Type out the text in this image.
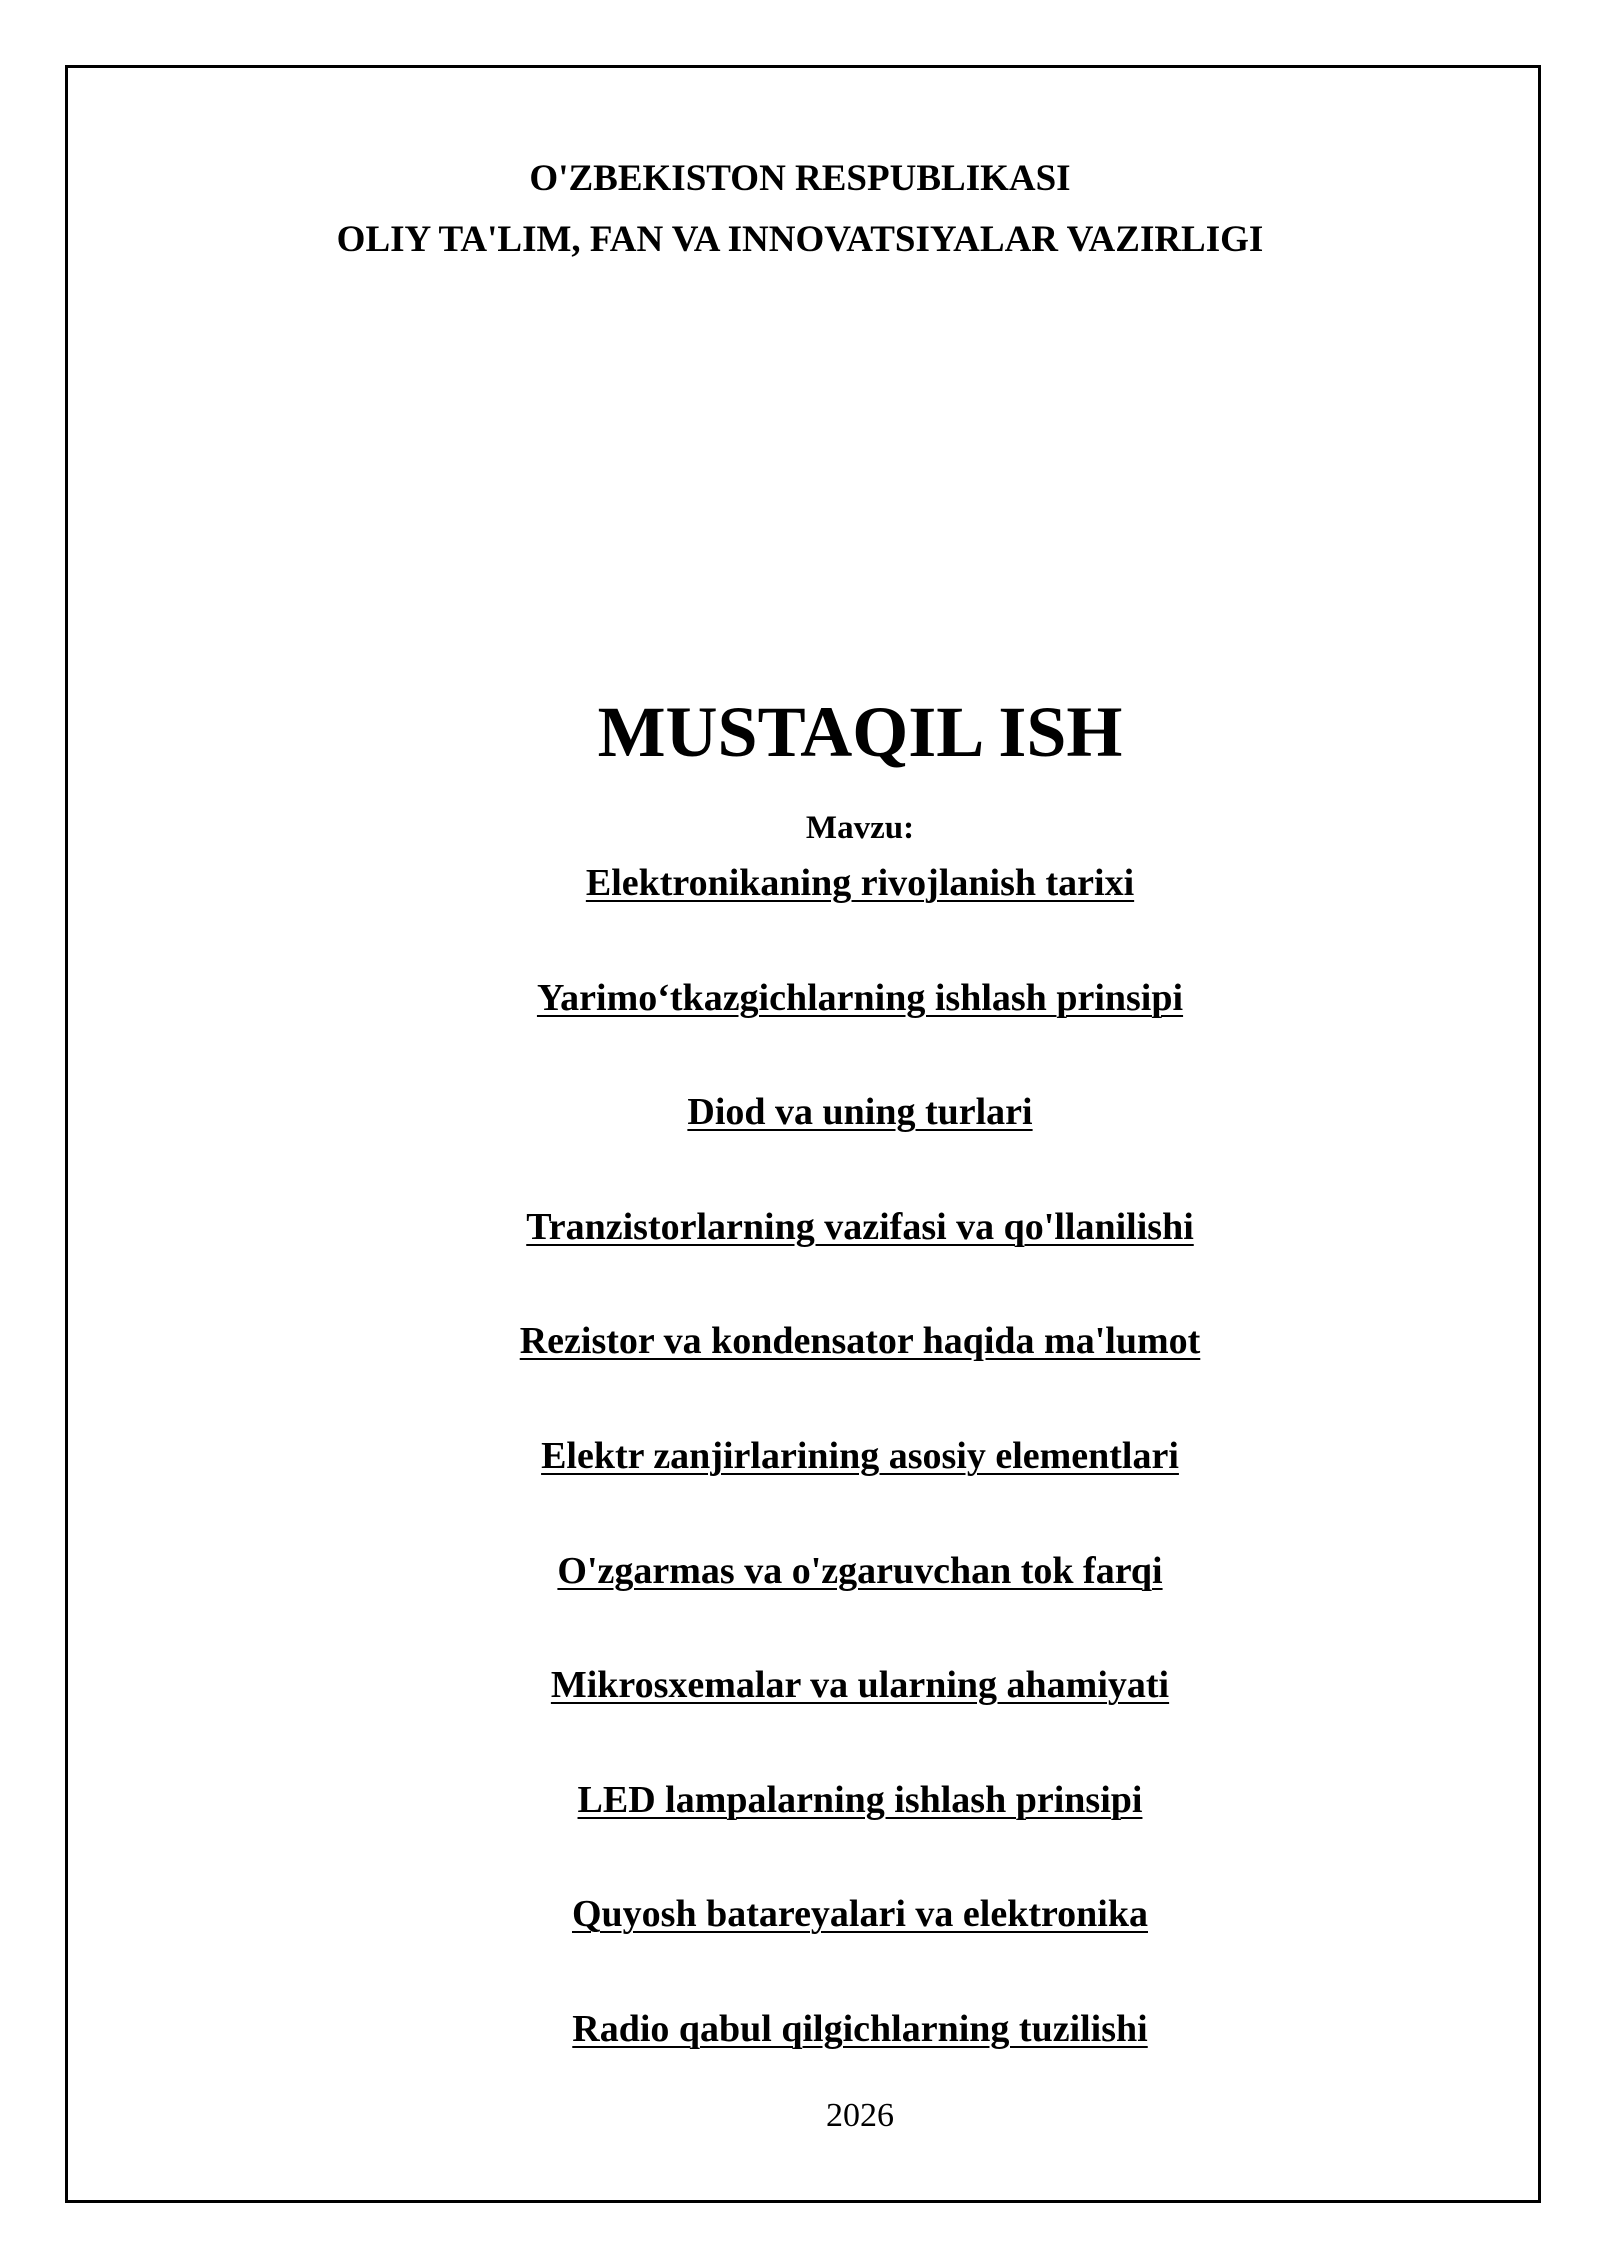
O'ZBEKISTON RESPUBLIKASI

OLIY TA'LIM, FAN VA INNOVATSIYALAR VAZIRLIGI

MUSTAQIL ISH
Mavzu:
Elektronikaning rivojlanish tarixi
Yarimo‘tkazgichlarning ishlash prinsipi
Diod va uning turlari
Tranzistorlarning vazifasi va qo'llanilishi
Rezistor va kondensator haqida ma'lumot
Elektr zanjirlarining asosiy elementlari
O'zgarmas va o'zgaruvchan tok farqi
Mikrosxemalar va ularning ahamiyati
LED lampalarning ishlash prinsipi
Quyosh batareyalari va elektronika
Radio qabul qilgichlarning tuzilishi
2026
